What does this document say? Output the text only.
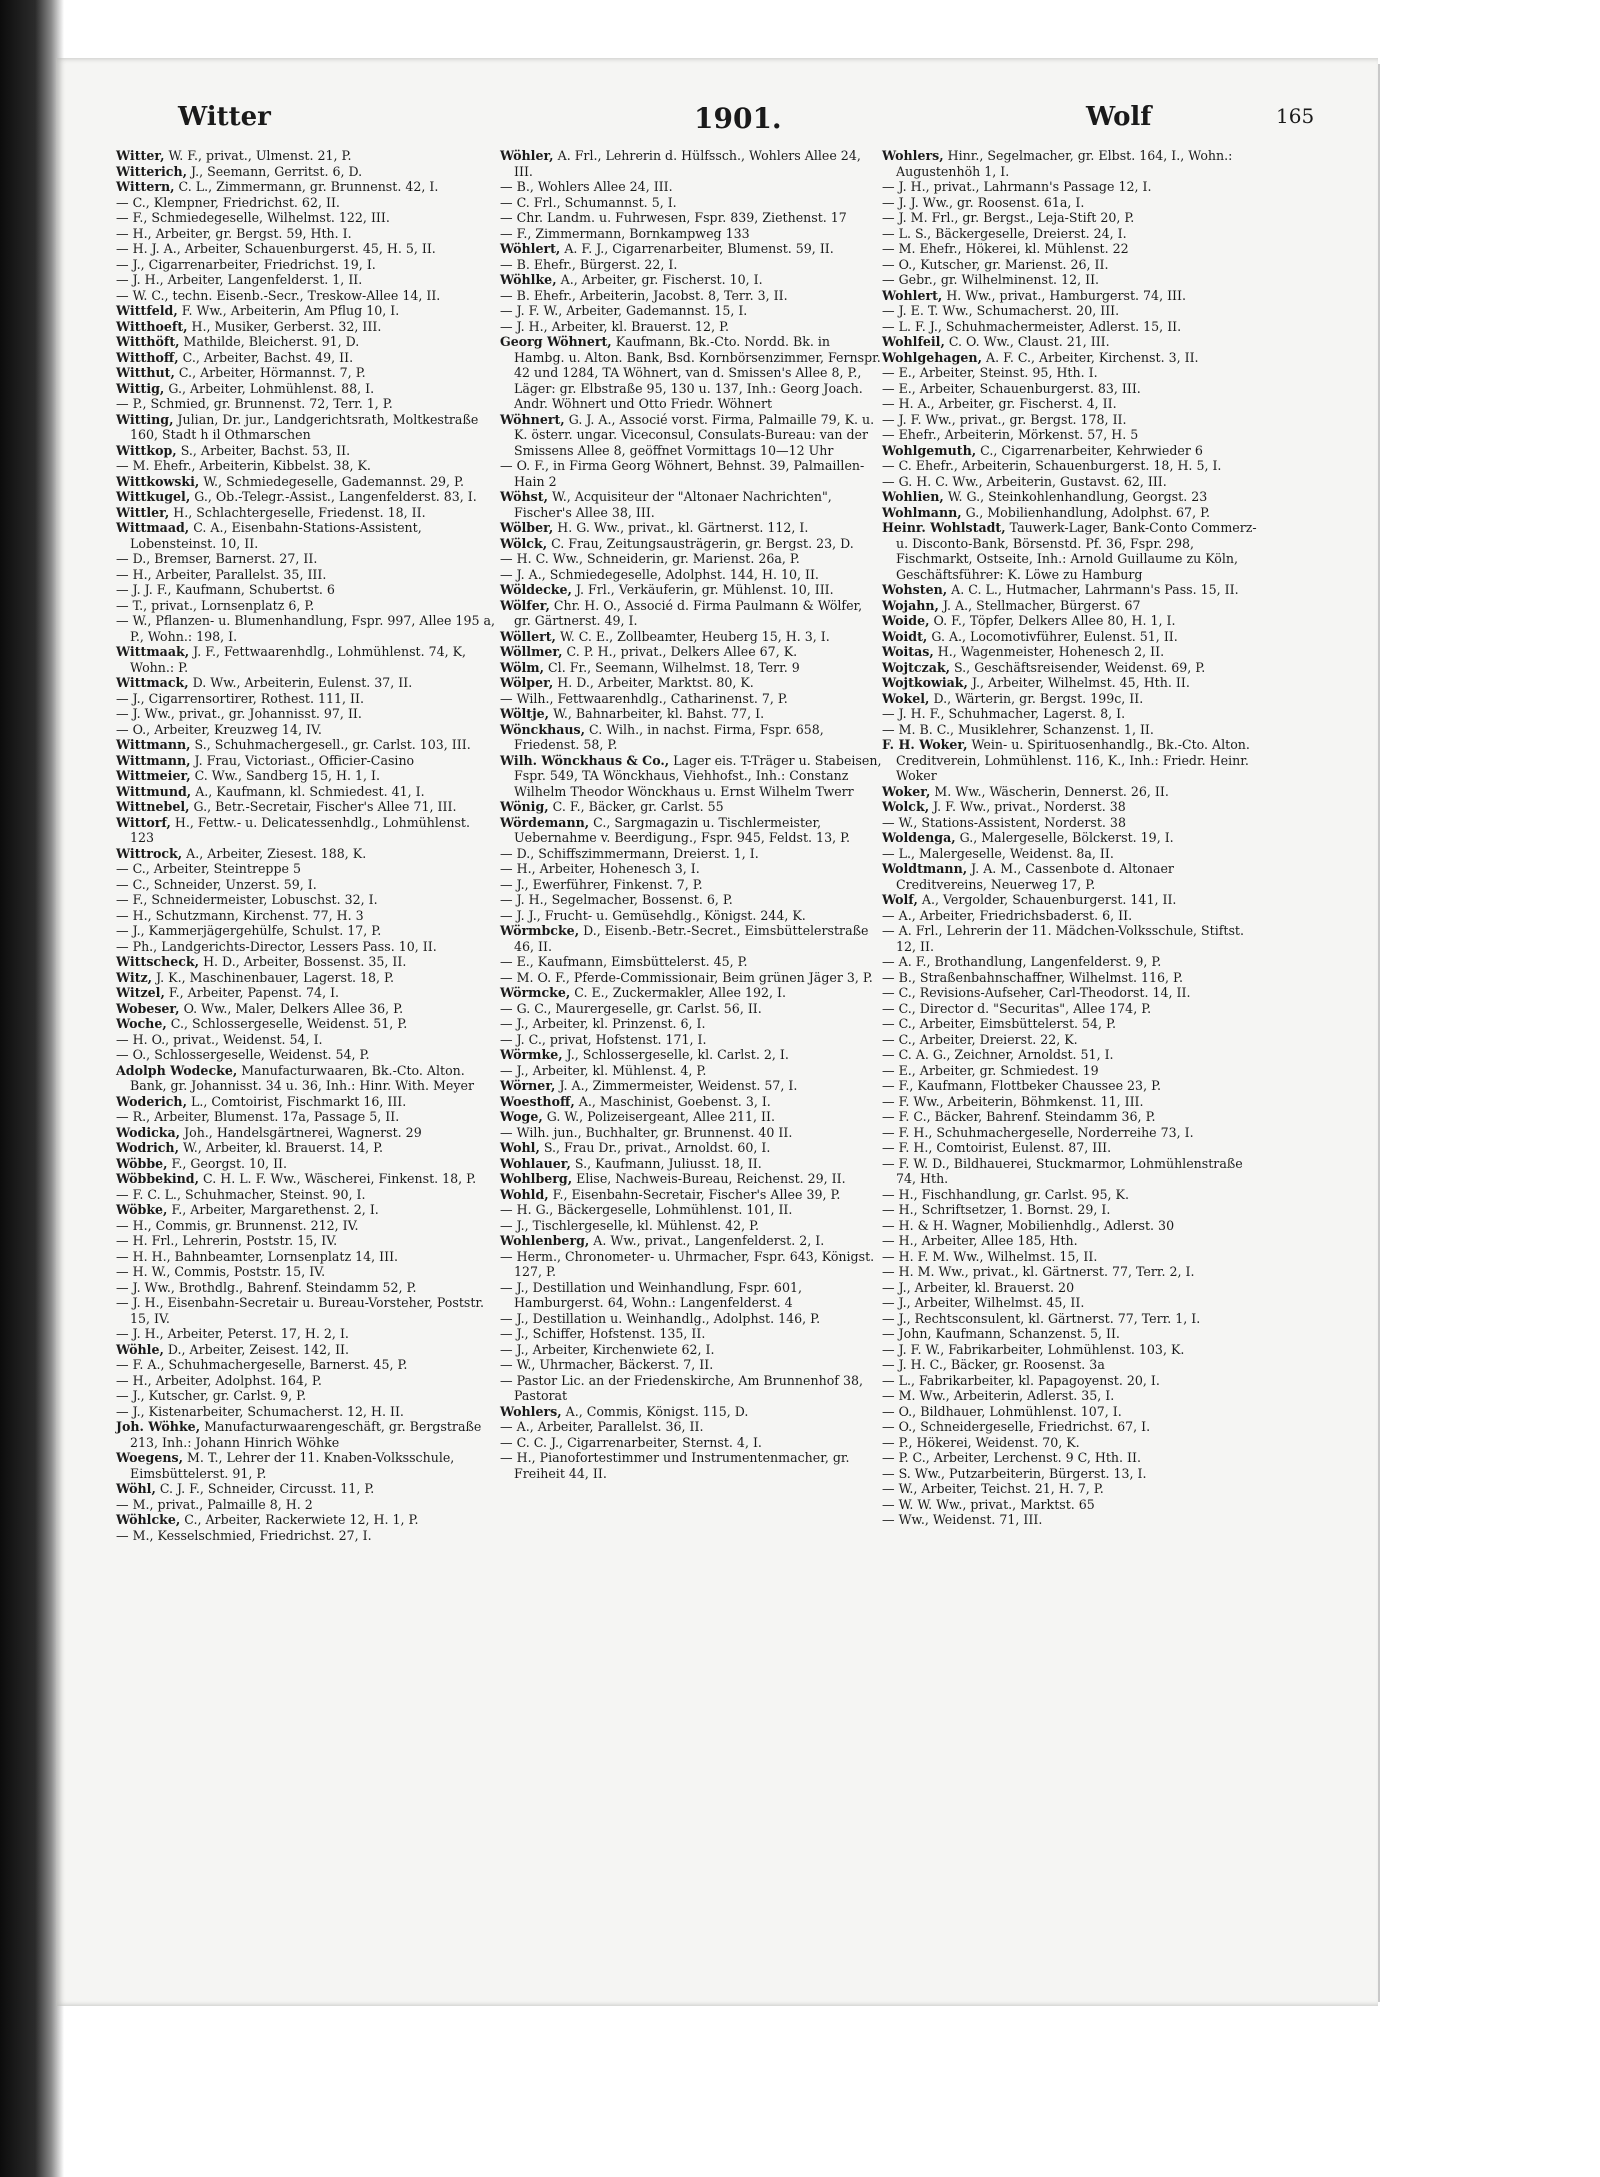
Witter	1901.	Wolf	165
Witter, W. F., privat., Ulmenst. 21, P.
Witterich, J., Seemann, Gerritst. 6, D.
Wittern, C. L., Zimmermann, gr. Brunnenst. 42, I.
— C., Klempner, Friedrichst. 62, II.
— F., Schmiedegeselle, Wilhelmst. 122, III.
— H., Arbeiter, gr. Bergst. 59, Hth. I.
— H. J. A., Arbeiter, Schauenburgerst. 45, H. 5, II.
— J., Cigarrenarbeiter, Friedrichst. 19, I.
— J. H., Arbeiter, Langenfelderst. 1, II.
— W. C., techn. Eisenb.-Secr., Treskow-Allee 14, II.
Wittfeld, F. Ww., Arbeiterin, Am Pflug 10, I.
Witthoeft, H., Musiker, Gerberst. 32, III.
Witthöft, Mathilde, Bleicherst. 91, D.
Witthoff, C., Arbeiter, Bachst. 49, II.
Witthut, C., Arbeiter, Hörmannst. 7, P.
Wittig, G., Arbeiter, Lohmühlenst. 88, I.
— P., Schmied, gr. Brunnenst. 72, Terr. 1, P.
Witting, Julian, Dr. jur., Landgerichtsrath, Moltkestraße 160, Stadt h il Othmarschen
Wittkop, S., Arbeiter, Bachst. 53, II.
— M. Ehefr., Arbeiterin, Kibbelst. 38, K.
Wittkowski, W., Schmiedegeselle, Gademannst. 29, P.
Wittkugel, G., Ob.-Telegr.-Assist., Langenfelderst. 83, I.
Wittler, H., Schlachtergeselle, Friedenst. 18, II.
Wittmaad, C. A., Eisenbahn-Stations-Assistent, Lobensteinst. 10, II.
— D., Bremser, Barnerst. 27, II.
— H., Arbeiter, Parallelst. 35, III.
— J. J. F., Kaufmann, Schubertst. 6
— T., privat., Lornsenplatz 6, P.
— W., Pflanzen- u. Blumenhandlung, Fspr. 997, Allee 195 a, P., Wohn.: 198, I.
Wittmaak, J. F., Fettwaarenhdlg., Lohmühlenst. 74, K, Wohn.: P.
Wittmack, D. Ww., Arbeiterin, Eulenst. 37, II.
— J., Cigarrensortirer, Rothest. 111, II.
— J. Ww., privat., gr. Johannisst. 97, II.
— O., Arbeiter, Kreuzweg 14, IV.
Wittmann, S., Schuhmachergesell., gr. Carlst. 103, III.
Wittmann, J. Frau, Victoriast., Officier-Casino
Wittmeier, C. Ww., Sandberg 15, H. 1, I.
Wittmund, A., Kaufmann, kl. Schmiedest. 41, I.
Wittnebel, G., Betr.-Secretair, Fischer's Allee 71, III.
Wittorf, H., Fettw.- u. Delicatessenhdlg., Lohmühlenst. 123
Wittrock, A., Arbeiter, Ziesest. 188, K.
— C., Arbeiter, Steintreppe 5
— C., Schneider, Unzerst. 59, I.
— F., Schneidermeister, Lobuschst. 32, I.
— H., Schutzmann, Kirchenst. 77, H. 3
— J., Kammerjägergehülfe, Schulst. 17, P.
— Ph., Landgerichts-Director, Lessers Pass. 10, II.
Wittscheck, H. D., Arbeiter, Bossenst. 35, II.
Witz, J. K., Maschinenbauer, Lagerst. 18, P.
Witzel, F., Arbeiter, Papenst. 74, I.
Wobeser, O. Ww., Maler, Delkers Allee 36, P.
Woche, C., Schlossergeselle, Weidenst. 51, P.
— H. O., privat., Weidenst. 54, I.
— O., Schlossergeselle, Weidenst. 54, P.
Adolph Wodecke, Manufacturwaaren, Bk.-Cto. Alton. Bank, gr. Johannisst. 34 u. 36, Inh.: Hinr. With. Meyer
Woderich, L., Comtoirist, Fischmarkt 16, III.
— R., Arbeiter, Blumenst. 17a, Passage 5, II.
Wodicka, Joh., Handelsgärtnerei, Wagnerst. 29
Wodrich, W., Arbeiter, kl. Brauerst. 14, P.
Wöbbe, F., Georgst. 10, II.
Wöbbekind, C. H. L. F. Ww., Wäscherei, Finkenst. 18, P.
— F. C. L., Schuhmacher, Steinst. 90, I.
Wöbke, F., Arbeiter, Margarethenst. 2, I.
— H., Commis, gr. Brunnenst. 212, IV.
— H. Frl., Lehrerin, Poststr. 15, IV.
— H. H., Bahnbeamter, Lornsenplatz 14, III.
— H. W., Commis, Poststr. 15, IV.
— J. Ww., Brothdlg., Bahrenf. Steindamm 52, P.
— J. H., Eisenbahn-Secretair u. Bureau-Vorsteher, Poststr. 15, IV.
— J. H., Arbeiter, Peterst. 17, H. 2, I.
Wöhle, D., Arbeiter, Zeisest. 142, II.
— F. A., Schuhmachergeselle, Barnerst. 45, P.
— H., Arbeiter, Adolphst. 164, P.
— J., Kutscher, gr. Carlst. 9, P.
— J., Kistenarbeiter, Schumacherst. 12, H. II.
Joh. Wöhke, Manufacturwaarengeschäft, gr. Bergstraße 213, Inh.: Johann Hinrich Wöhke
Woegens, M. T., Lehrer der 11. Knaben-Volksschule, Eimsbüttelerst. 91, P.
Wöhl, C. J. F., Schneider, Circusst. 11, P.
— M., privat., Palmaille 8, H. 2
Wöhlcke, C., Arbeiter, Rackerwiete 12, H. 1, P.
— M., Kesselschmied, Friedrichst. 27, I.
Wöhler, A. Frl., Lehrerin d. Hülfssch., Wohlers Allee 24, III.
— B., Wohlers Allee 24, III.
— C. Frl., Schumannst. 5, I.
— Chr. Landm. u. Fuhrwesen, Fspr. 839, Ziethenst. 17
— F., Zimmermann, Bornkampweg 133
Wöhlert, A. F. J., Cigarrenarbeiter, Blumenst. 59, II.
— B. Ehefr., Bürgerst. 22, I.
Wöhlke, A., Arbeiter, gr. Fischerst. 10, I.
— B. Ehefr., Arbeiterin, Jacobst. 8, Terr. 3, II.
— J. F. W., Arbeiter, Gademannst. 15, I.
— J. H., Arbeiter, kl. Brauerst. 12, P.
Georg Wöhnert, Kaufmann, Bk.-Cto. Nordd. Bk. in Hambg. u. Alton. Bank, Bsd. Kornbörsenzimmer, Fernspr. 42 und 1284, TA Wöhnert, van d. Smissen's Allee 8, P., Läger: gr. Elbstraße 95, 130 u. 137, Inh.: Georg Joach. Andr. Wöhnert und Otto Friedr. Wöhnert
Wöhnert, G. J. A., Associé vorst. Firma, Palmaille 79, K. u. K. österr. ungar. Viceconsul, Consulats-Bureau: van der Smissens Allee 8, geöffnet Vormittags 10—12 Uhr
— O. F., in Firma Georg Wöhnert, Behnst. 39, Palmaillen-Hain 2
Wöhst, W., Acquisiteur der "Altonaer Nachrichten", Fischer's Allee 38, III.
Wölber, H. G. Ww., privat., kl. Gärtnerst. 112, I.
Wölck, C. Frau, Zeitungsausträgerin, gr. Bergst. 23, D.
— H. C. Ww., Schneiderin, gr. Marienst. 26a, P.
— J. A., Schmiedegeselle, Adolphst. 144, H. 10, II.
Wöldecke, J. Frl., Verkäuferin, gr. Mühlenst. 10, III.
Wölfer, Chr. H. O., Associé d. Firma Paulmann & Wölfer, gr. Gärtnerst. 49, I.
Wöllert, W. C. E., Zollbeamter, Heuberg 15, H. 3, I.
Wöllmer, C. P. H., privat., Delkers Allee 67, K.
Wölm, Cl. Fr., Seemann, Wilhelmst. 18, Terr. 9
Wölper, H. D., Arbeiter, Marktst. 80, K.
— Wilh., Fettwaarenhdlg., Catharinenst. 7, P.
Wöltje, W., Bahnarbeiter, kl. Bahst. 77, I.
Wönckhaus, C. Wilh., in nachst. Firma, Fspr. 658, Friedenst. 58, P.
Wilh. Wönckhaus & Co., Lager eis. T-Träger u. Stabeisen, Fspr. 549, TA Wönckhaus, Viehhofst., Inh.: Constanz Wilhelm Theodor Wönckhaus u. Ernst Wilhelm Twerr
Wönig, C. F., Bäcker, gr. Carlst. 55
Wördemann, C., Sargmagazin u. Tischlermeister, Uebernahme v. Beerdigung., Fspr. 945, Feldst. 13, P.
— D., Schiffszimmermann, Dreierst. 1, I.
— H., Arbeiter, Hohenesch 3, I.
— J., Ewerführer, Finkenst. 7, P.
— J. H., Segelmacher, Bossenst. 6, P.
— J. J., Frucht- u. Gemüsehdlg., Königst. 244, K.
Wörmbcke, D., Eisenb.-Betr.-Secret., Eimsbüttelerstraße 46, II.
— E., Kaufmann, Eimsbüttelerst. 45, P.
— M. O. F., Pferde-Commissionair, Beim grünen Jäger 3, P.
Wörmcke, C. E., Zuckermakler, Allee 192, I.
— G. C., Maurergeselle, gr. Carlst. 56, II.
— J., Arbeiter, kl. Prinzenst. 6, I.
— J. C., privat, Hofstenst. 171, I.
Wörmke, J., Schlossergeselle, kl. Carlst. 2, I.
— J., Arbeiter, kl. Mühlenst. 4, P.
Wörner, J. A., Zimmermeister, Weidenst. 57, I.
Woesthoff, A., Maschinist, Goebenst. 3, I.
Woge, G. W., Polizeisergeant, Allee 211, II.
— Wilh. jun., Buchhalter, gr. Brunnenst. 40 II.
Wohl, S., Frau Dr., privat., Arnoldst. 60, I.
Wohlauer, S., Kaufmann, Juliusst. 18, II.
Wohlberg, Elise, Nachweis-Bureau, Reichenst. 29, II.
Wohld, F., Eisenbahn-Secretair, Fischer's Allee 39, P.
— H. G., Bäckergeselle, Lohmühlenst. 101, II.
— J., Tischlergeselle, kl. Mühlenst. 42, P.
Wohlenberg, A. Ww., privat., Langenfelderst. 2, I.
— Herm., Chronometer- u. Uhrmacher, Fspr. 643, Königst. 127, P.
— J., Destillation und Weinhandlung, Fspr. 601, Hamburgerst. 64, Wohn.: Langenfelderst. 4
— J., Destillation u. Weinhandlg., Adolphst. 146, P.
— J., Schiffer, Hofstenst. 135, II.
— J., Arbeiter, Kirchenwiete 62, I.
— W., Uhrmacher, Bäckerst. 7, II.
— Pastor Lic. an der Friedenskirche, Am Brunnenhof 38, Pastorat
Wohlers, A., Commis, Königst. 115, D.
— A., Arbeiter, Parallelst. 36, II.
— C. C. J., Cigarrenarbeiter, Sternst. 4, I.
— H., Pianofortestimmer und Instrumentenmacher, gr. Freiheit 44, II.
Wohlers, Hinr., Segelmacher, gr. Elbst. 164, I., Wohn.: Augustenhöh 1, I.
— J. H., privat., Lahrmann's Passage 12, I.
— J. J. Ww., gr. Roosenst. 61a, I.
— J. M. Frl., gr. Bergst., Leja-Stift 20, P.
— L. S., Bäckergeselle, Dreierst. 24, I.
— M. Ehefr., Hökerei, kl. Mühlenst. 22
— O., Kutscher, gr. Marienst. 26, II.
— Gebr., gr. Wilhelminenst. 12, II.
Wohlert, H. Ww., privat., Hamburgerst. 74, III.
— J. E. T. Ww., Schumacherst. 20, III.
— L. F. J., Schuhmachermeister, Adlerst. 15, II.
Wohlfeil, C. O. Ww., Claust. 21, III.
Wohlgehagen, A. F. C., Arbeiter, Kirchenst. 3, II.
— E., Arbeiter, Steinst. 95, Hth. I.
— E., Arbeiter, Schauenburgerst. 83, III.
— H. A., Arbeiter, gr. Fischerst. 4, II.
— J. F. Ww., privat., gr. Bergst. 178, II.
— Ehefr., Arbeiterin, Mörkenst. 57, H. 5
Wohlgemuth, C., Cigarrenarbeiter, Kehrwieder 6
— C. Ehefr., Arbeiterin, Schauenburgerst. 18, H. 5, I.
— G. H. C. Ww., Arbeiterin, Gustavst. 62, III.
Wohlien, W. G., Steinkohlenhandlung, Georgst. 23
Wohlmann, G., Mobilienhandlung, Adolphst. 67, P.
Heinr. Wohlstadt, Tauwerk-Lager, Bank-Conto Commerz- u. Disconto-Bank, Börsenstd. Pf. 36, Fspr. 298, Fischmarkt, Ostseite, Inh.: Arnold Guillaume zu Köln, Geschäftsführer: K. Löwe zu Hamburg
Wohsten, A. C. L., Hutmacher, Lahrmann's Pass. 15, II.
Wojahn, J. A., Stellmacher, Bürgerst. 67
Woide, O. F., Töpfer, Delkers Allee 80, H. 1, I.
Woidt, G. A., Locomotivführer, Eulenst. 51, II.
Woitas, H., Wagenmeister, Hohenesch 2, II.
Wojtczak, S., Geschäftsreisender, Weidenst. 69, P.
Wojtkowiak, J., Arbeiter, Wilhelmst. 45, Hth. II.
Wokel, D., Wärterin, gr. Bergst. 199c, II.
— J. H. F., Schuhmacher, Lagerst. 8, I.
— M. B. C., Musiklehrer, Schanzenst. 1, II.
F. H. Woker, Wein- u. Spirituosenhandlg., Bk.-Cto. Alton. Creditverein, Lohmühlenst. 116, K., Inh.: Friedr. Heinr. Woker
Woker, M. Ww., Wäscherin, Dennerst. 26, II.
Wolck, J. F. Ww., privat., Norderst. 38
— W., Stations-Assistent, Norderst. 38
Woldenga, G., Malergeselle, Bölckerst. 19, I.
— L., Malergeselle, Weidenst. 8a, II.
Woldtmann, J. A. M., Cassenbote d. Altonaer Creditvereins, Neuerweg 17, P.
Wolf, A., Vergolder, Schauenburgerst. 141, II.
— A., Arbeiter, Friedrichsbaderst. 6, II.
— A. Frl., Lehrerin der 11. Mädchen-Volksschule, Stiftst. 12, II.
— A. F., Brothandlung, Langenfelderst. 9, P.
— B., Straßenbahnschaffner, Wilhelmst. 116, P.
— C., Revisions-Aufseher, Carl-Theodorst. 14, II.
— C., Director d. "Securitas", Allee 174, P.
— C., Arbeiter, Eimsbüttelerst. 54, P.
— C., Arbeiter, Dreierst. 22, K.
— C. A. G., Zeichner, Arnoldst. 51, I.
— E., Arbeiter, gr. Schmiedest. 19
— F., Kaufmann, Flottbeker Chaussee 23, P.
— F. Ww., Arbeiterin, Böhmkenst. 11, III.
— F. C., Bäcker, Bahrenf. Steindamm 36, P.
— F. H., Schuhmachergeselle, Norderreihe 73, I.
— F. H., Comtoirist, Eulenst. 87, III.
— F. W. D., Bildhauerei, Stuckmarmor, Lohmühlenstraße 74, Hth.
— H., Fischhandlung, gr. Carlst. 95, K.
— H., Schriftsetzer, 1. Bornst. 29, I.
— H. & H. Wagner, Mobilienhdlg., Adlerst. 30
— H., Arbeiter, Allee 185, Hth.
— H. F. M. Ww., Wilhelmst. 15, II.
— H. M. Ww., privat., kl. Gärtnerst. 77, Terr. 2, I.
— J., Arbeiter, kl. Brauerst. 20
— J., Arbeiter, Wilhelmst. 45, II.
— J., Rechtsconsulent, kl. Gärtnerst. 77, Terr. 1, I.
— John, Kaufmann, Schanzenst. 5, II.
— J. F. W., Fabrikarbeiter, Lohmühlenst. 103, K.
— J. H. C., Bäcker, gr. Roosenst. 3a
— L., Fabrikarbeiter, kl. Papagoyenst. 20, I.
— M. Ww., Arbeiterin, Adlerst. 35, I.
— O., Bildhauer, Lohmühlenst. 107, I.
— O., Schneidergeselle, Friedrichst. 67, I.
— P., Hökerei, Weidenst. 70, K.
— P. C., Arbeiter, Lerchenst. 9 C, Hth. II.
— S. Ww., Putzarbeiterin, Bürgerst. 13, I.
— W., Arbeiter, Teichst. 21, H. 7, P.
— W. W. Ww., privat., Marktst. 65
— Ww., Weidenst. 71, III.
